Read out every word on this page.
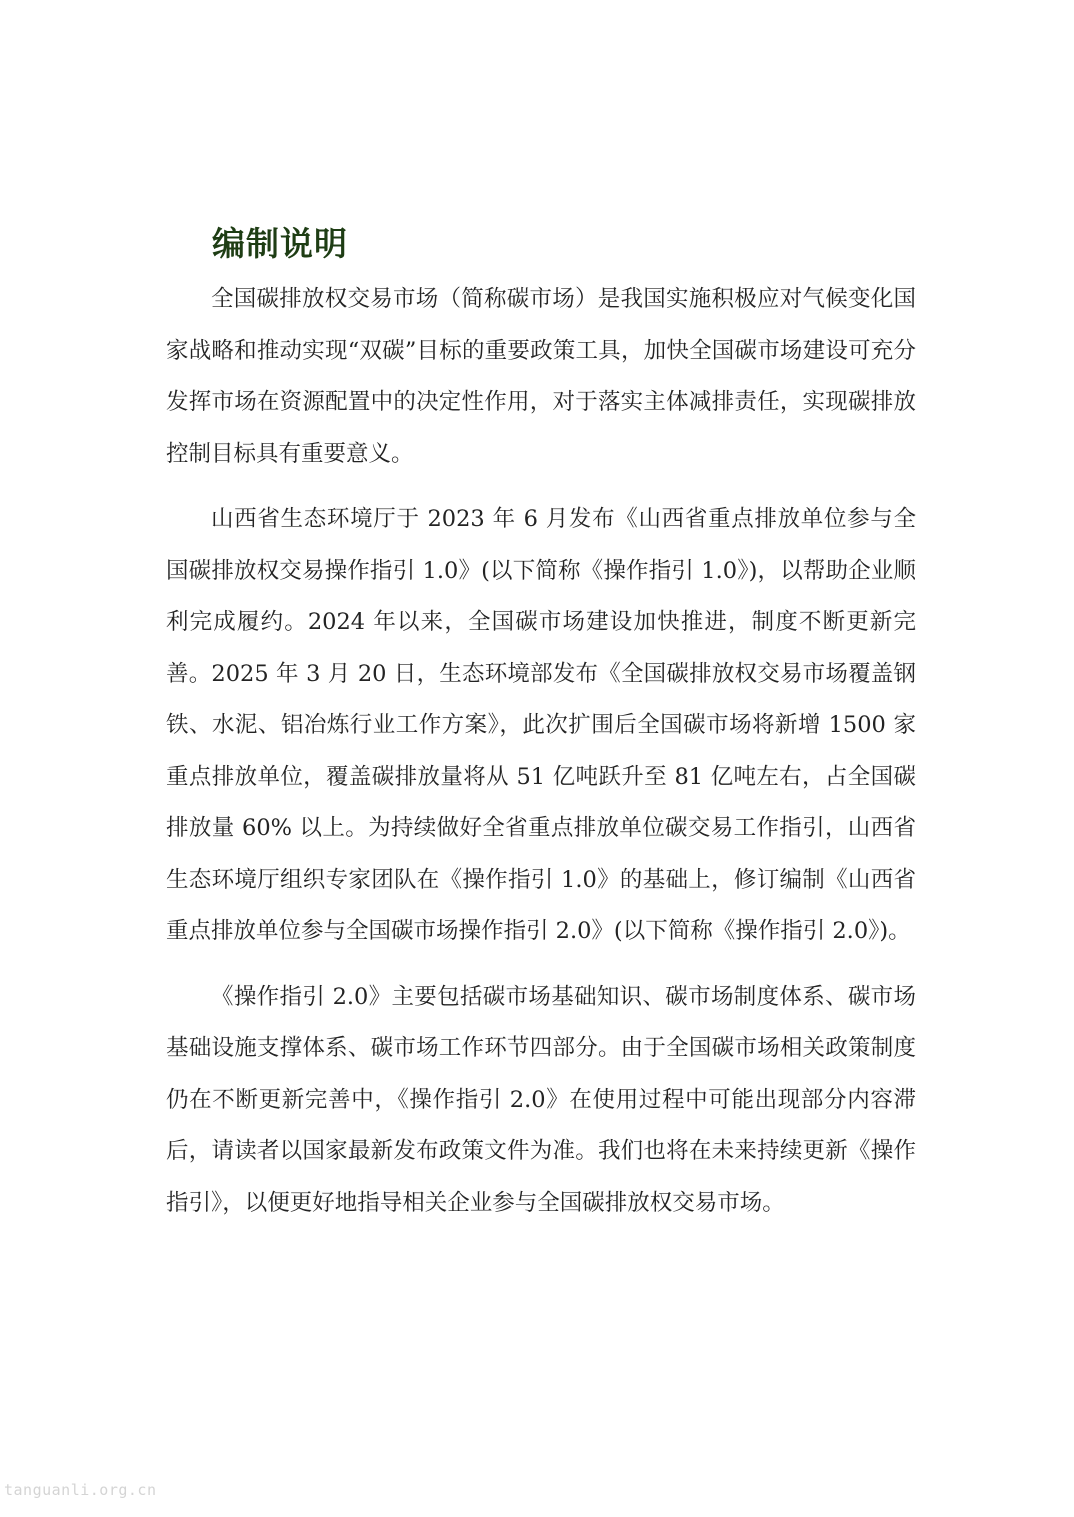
编制说明

全国碳排放权交易市场（简称碳市场）是我国实施积极应对气候变化国家战略和推动实现“双碳”目标的重要政策工具，加快全国碳市场建设可充分发挥市场在资源配置中的决定性作用，对于落实主体减排责任，实现碳排放控制目标具有重要意义。

山西省生态环境厅于 2023 年 6 月发布《山西省重点排放单位参与全国碳排放权交易操作指引 1.0》(以下简称《操作指引 1.0》)，以帮助企业顺利完成履约。2024 年以来，全国碳市场建设加快推进，制度不断更新完善。2025 年 3 月 20 日，生态环境部发布《全国碳排放权交易市场覆盖钢铁、水泥、铝冶炼行业工作方案》，此次扩围后全国碳市场将新增 1500 家重点排放单位，覆盖碳排放量将从 51 亿吨跃升至 81 亿吨左右，占全国碳排放量 60% 以上。为持续做好全省重点排放单位碳交易工作指引，山西省生态环境厅组织专家团队在《操作指引 1.0》的基础上，修订编制《山西省重点排放单位参与全国碳市场操作指引 2.0》(以下简称《操作指引 2.0》)。

《操作指引 2.0》主要包括碳市场基础知识、碳市场制度体系、碳市场基础设施支撑体系、碳市场工作环节四部分。由于全国碳市场相关政策制度仍在不断更新完善中，《操作指引 2.0》在使用过程中可能出现部分内容滞后，请读者以国家最新发布政策文件为准。我们也将在未来持续更新《操作指引》，以便更好地指导相关企业参与全国碳排放权交易市场。

tanguanli.org.cn
